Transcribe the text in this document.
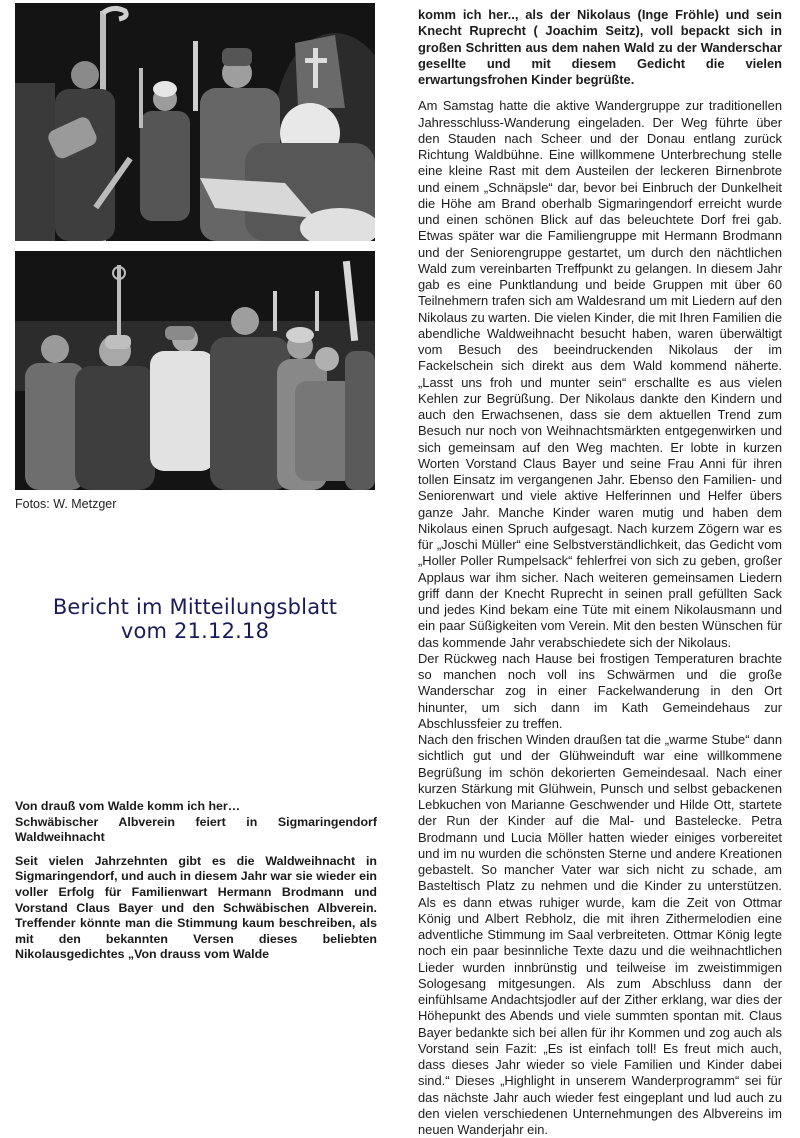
Fotos: W. Metzger
Bericht im Mitteilungsblatt
vom 21.12.18
Von drauß vom Walde komm ich her…
Schwäbischer Albverein feiert in Sigmaringendorf Waldweihnacht
Seit vielen Jahrzehnten gibt es die Waldweihnacht in Sigmaringendorf, und auch in diesem Jahr war sie wieder ein voller Erfolg für Familienwart Hermann Brodmann und Vorstand Claus Bayer und den Schwäbischen Albverein. Treffender könnte man die Stimmung kaum beschreiben, als mit den bekannten Versen dieses beliebten Nikolausgedichtes „Von drauss vom Walde

komm ich her.., als der Nikolaus (Inge Fröhle) und sein Knecht Ruprecht ( Joachim Seitz), voll bepackt sich in großen Schritten aus dem nahen Wald zu der Wanderschar gesellte und mit diesem Gedicht die vielen erwartungsfrohen Kinder begrüßte.

Am Samstag hatte die aktive Wandergruppe zur traditionellen Jahresschluss-Wanderung eingeladen. Der Weg führte über den Stauden nach Scheer und der Donau entlang zurück Richtung Waldbühne. Eine willkommene Unterbrechung stelle eine kleine Rast mit dem Austeilen der leckeren Birnenbrote und einem „Schnäpsle“ dar, bevor bei Einbruch der Dunkelheit die Höhe am Brand oberhalb Sigmaringendorf erreicht wurde und einen schönen Blick auf das beleuchtete Dorf frei gab. Etwas später war die Familiengruppe mit Hermann Brodmann und der Seniorengruppe gestartet, um durch den nächtlichen Wald zum vereinbarten Treffpunkt zu gelangen. In diesem Jahr gab es eine Punktlandung und beide Gruppen mit über 60 Teilnehmern trafen sich am Waldesrand um mit Liedern auf den Nikolaus zu warten. Die vielen Kinder, die mit Ihren Familien die abendliche Waldweihnacht besucht haben, waren überwältigt vom Besuch des beeindruckenden Nikolaus der im Fackelschein sich direkt aus dem Wald kommend näherte. „Lasst uns froh und munter sein“ erschallte es aus vielen Kehlen zur Begrüßung. Der Nikolaus dankte den Kindern und auch den Erwachsenen, dass sie dem aktuellen Trend zum Besuch nur noch von Weihnachtsmärkten entgegenwirken und sich gemeinsam auf den Weg machten. Er lobte in kurzen Worten Vorstand Claus Bayer und seine Frau Anni für ihren tollen Einsatz im vergangenen Jahr. Ebenso den Familien- und Seniorenwart und viele aktive Helferinnen und Helfer übers ganze Jahr. Manche Kinder waren mutig und haben dem Nikolaus einen Spruch aufgesagt. Nach kurzem Zögern war es für „Joschi Müller“ eine Selbstverständlichkeit, das Gedicht vom „Holler Poller Rumpelsack“ fehlerfrei von sich zu geben, großer Applaus war ihm sicher. Nach weiteren gemeinsamen Liedern griff dann der Knecht Ruprecht in seinen prall gefüllten Sack und jedes Kind bekam eine Tüte mit einem Nikolausmann und ein paar Süßigkeiten vom Verein. Mit den besten Wünschen für das kommende Jahr verabschiedete sich der Nikolaus.

Der Rückweg nach Hause bei frostigen Temperaturen brachte so manchen noch voll ins Schwärmen und die große Wanderschar zog in einer Fackelwanderung in den Ort hinunter, um sich dann im Kath Gemeindehaus zur Abschlussfeier zu treffen.

Nach den frischen Winden draußen tat die „warme Stube“ dann sichtlich gut und der Glühweinduft war eine willkommene Begrüßung im schön dekorierten Gemeindesaal. Nach einer kurzen Stärkung mit Glühwein, Punsch und selbst gebackenen Lebkuchen von Marianne Geschwender und Hilde Ott, startete der Run der Kinder auf die Mal- und Bastelecke. Petra Brodmann und Lucia Möller hatten wieder einiges vorbereitet und im nu wurden die schönsten Sterne und andere Kreationen gebastelt. So mancher Vater war sich nicht zu schade, am Basteltisch Platz zu nehmen und die Kinder zu unterstützen. Als es dann etwas ruhiger wurde, kam die Zeit von Ottmar König und Albert Rebholz, die mit ihren Zithermelodien eine adventliche Stimmung im Saal verbreiteten. Ottmar König legte noch ein paar besinnliche Texte dazu und die weihnachtlichen Lieder wurden innbrünstig und teilweise im zweistimmigen Sologesang mitgesungen. Als zum Abschluss dann der einfühlsame Andachtsjodler auf der Zither erklang, war dies der Höhepunkt des Abends und viele summten spontan mit. Claus Bayer bedankte sich bei allen für ihr Kommen und zog auch als Vorstand sein Fazit: „Es ist einfach toll! Es freut mich auch, dass dieses Jahr wieder so viele Familien und Kinder dabei sind.“ Dieses „Highlight in unserem Wanderprogramm“ sei für das nächste Jahr auch wieder fest eingeplant und lud auch zu den vielen verschiedenen Unternehmungen des Albvereins im neuen Wanderjahr ein.
